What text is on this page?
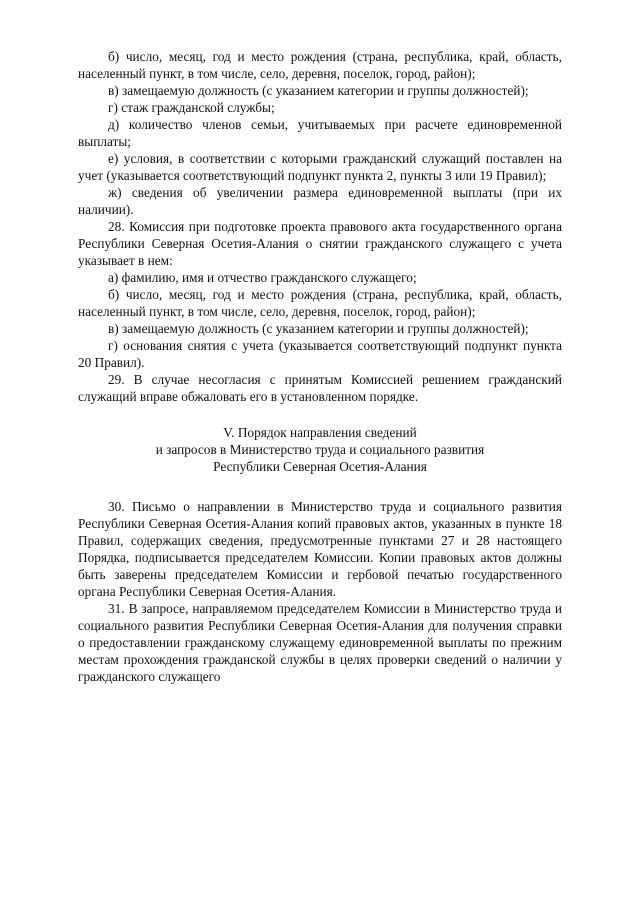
б) число, месяц, год и место рождения (страна, республика, край, область, населенный пункт, в том числе, село, деревня, поселок, город, район);

в) замещаемую должность (с указанием категории и группы должностей);

г) стаж гражданской службы;

д) количество членов семьи, учитываемых при расчете единовременной выплаты;

е) условия, в соответствии с которыми гражданский служащий поставлен на учет (указывается соответствующий подпункт пункта 2, пункты 3 или 19 Правил);

ж) сведения об увеличении размера единовременной выплаты (при их наличии).

28. Комиссия при подготовке проекта правового акта государственного органа Республики Северная Осетия-Алания о снятии гражданского служащего с учета указывает в нем:

а) фамилию, имя и отчество гражданского служащего;

б) число, месяц, год и место рождения (страна, республика, край, область, населенный пункт, в том числе, село, деревня, поселок, город, район);

в) замещаемую должность (с указанием категории и группы должностей);

г) основания снятия с учета (указывается соответствующий подпункт пункта 20 Правил).

29. В случае несогласия с принятым Комиссией решением гражданский служащий вправе обжаловать его в установленном порядке.

V. Порядок направления сведений
и запросов в Министерство труда и социального развития
Республики Северная Осетия-Алания

30. Письмо о направлении в Министерство труда и социального развития Республики Северная Осетия-Алания копий правовых актов, указанных в пункте 18 Правил, содержащих сведения, предусмотренные пунктами 27 и 28 настоящего Порядка, подписывается председателем Комиссии. Копии правовых актов должны быть заверены председателем Комиссии и гербовой печатью государственного органа Республики Северная Осетия-Алания.

31. В запросе, направляемом председателем Комиссии в Министерство труда и социального развития Республики Северная Осетия-Алания для получения справки о предоставлении гражданскому служащему единовременной выплаты по прежним местам прохождения гражданской службы в целях проверки сведений о наличии у гражданского служащего
